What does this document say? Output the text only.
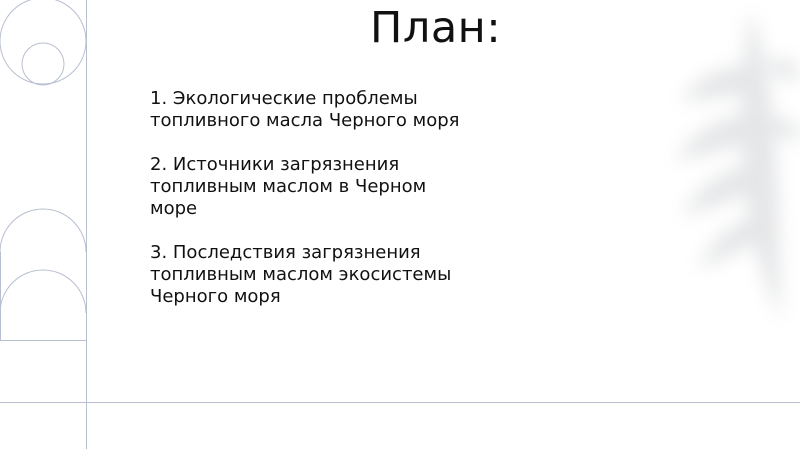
План:
1. Экологические проблемы
топливного масла Черного моря
2. Источники загрязнения
топливным маслом в Черном
море
3. Последствия загрязнения
топливным маслом экосистемы
Черного моря
